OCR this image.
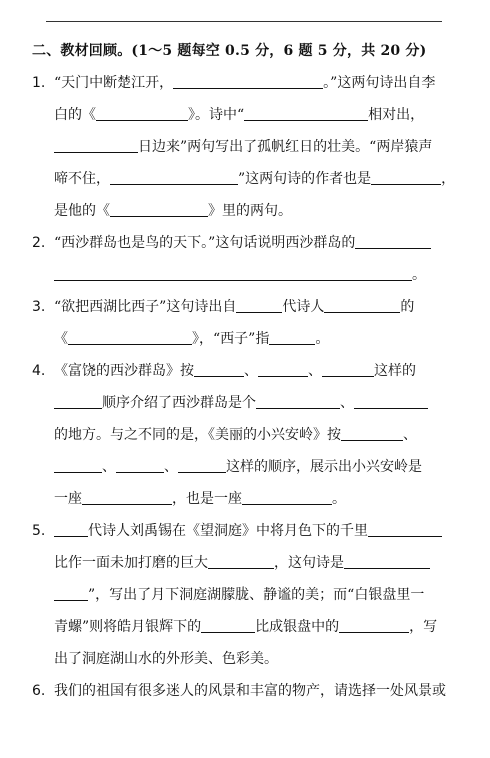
二、教材回顾。(1～5 题每空 0.5 分，6 题 5 分，共 20 分)
1. “天门中断楚江开，	。”这两句诗出自李
白的《	》。诗中“	相对出，
日边来”两句写出了孤帆红日的壮美。“两岸猿声
啼不住，	”这两句诗的作者也是	，
是他的《	》里的两句。
2. “西沙群岛也是鸟的天下。”这句话说明西沙群岛的
。
3. “欲把西湖比西子”这句诗出自	代诗人	的
《	》，“西子”指	。
4. 《富饶的西沙群岛》按	、	、	这样的
顺序介绍了西沙群岛是个	、
的地方。与之不同的是，《美丽的小兴安岭》按	、
、	、	这样的顺序，展示出小兴安岭是
一座	，也是一座	。
5.	代诗人刘禹锡在《望洞庭》中将月色下的千里
比作一面未加打磨的巨大	，这句诗是
”，写出了月下洞庭湖朦胧、静谧的美；而“白银盘里一
青螺”则将皓月银辉下的	比成银盘中的	，写
出了洞庭湖山水的外形美、色彩美。
6. 我们的祖国有很多迷人的风景和丰富的物产，请选择一处风景或
